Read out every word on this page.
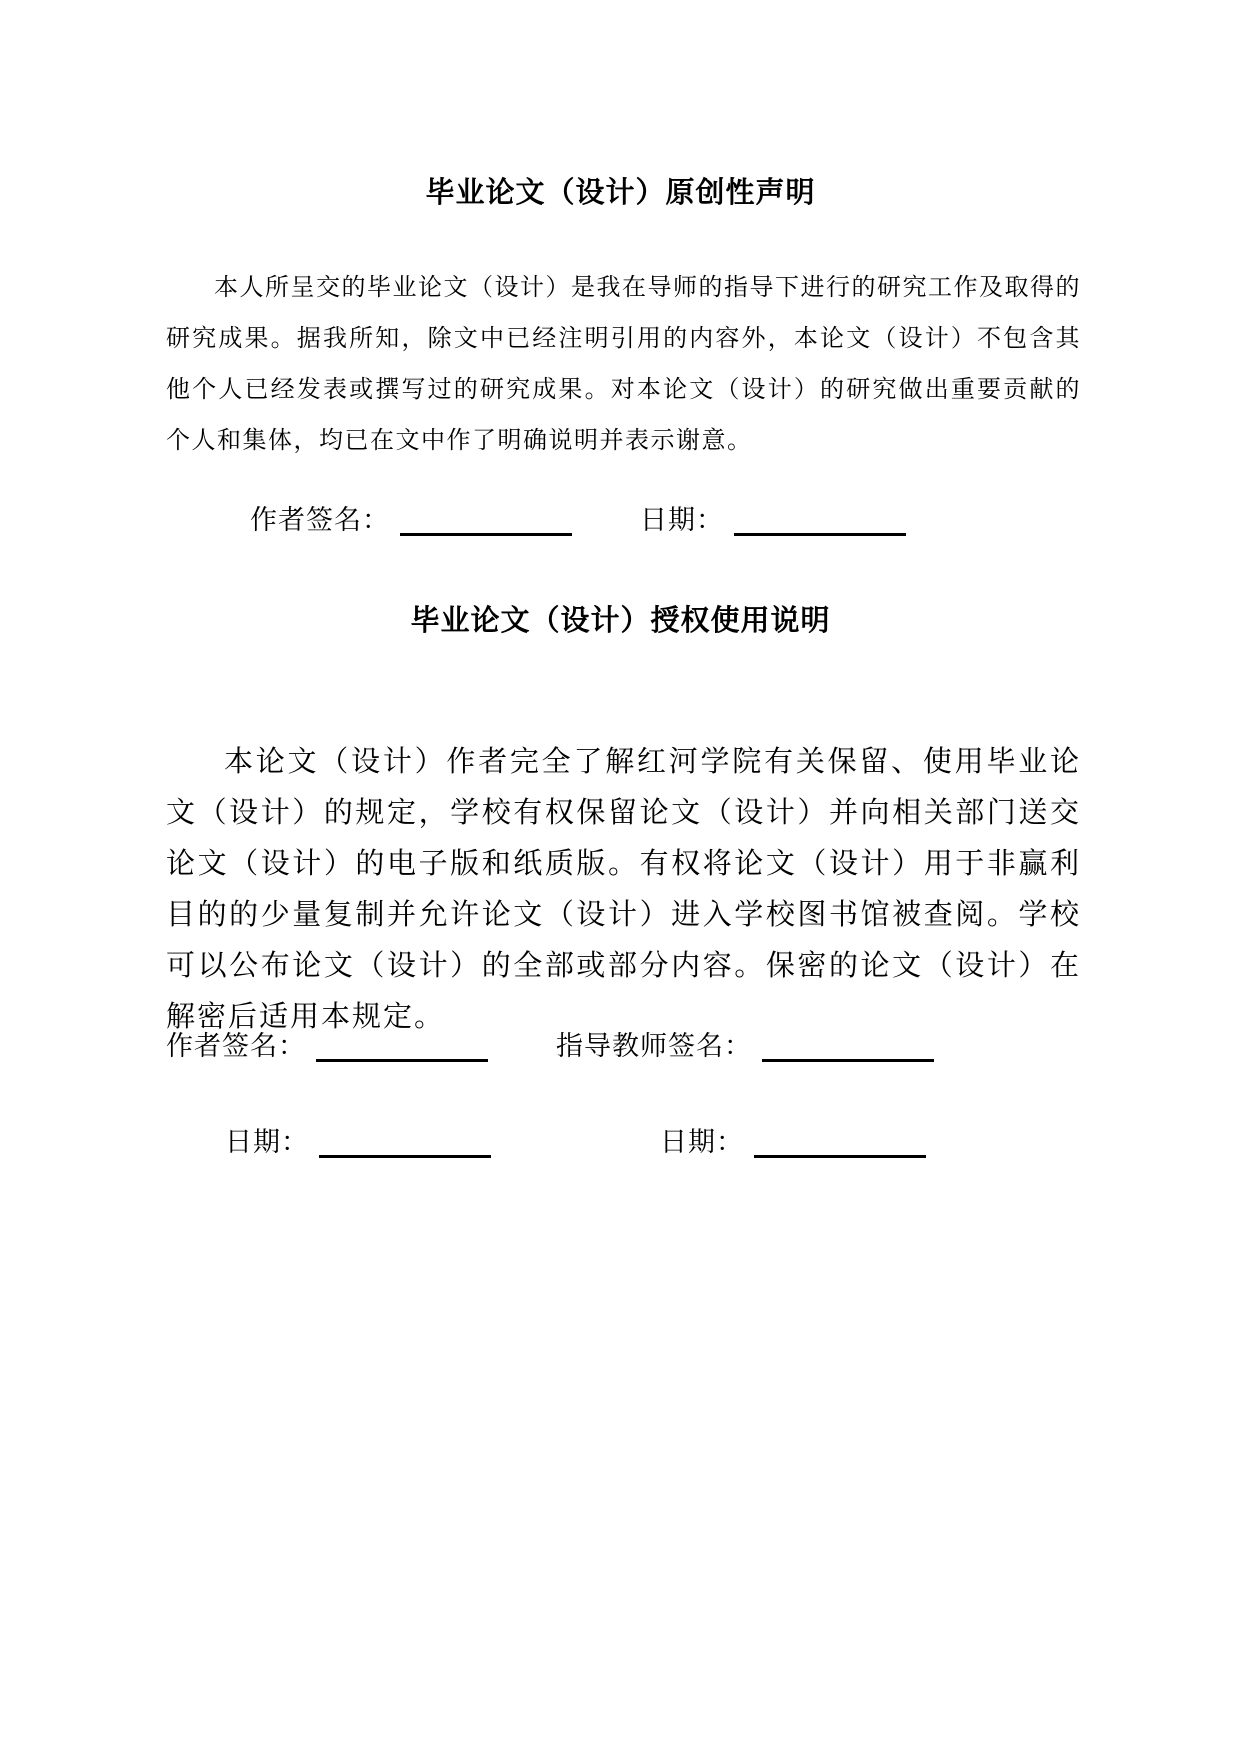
毕业论文（设计）原创性声明

本人所呈交的毕业论文（设计）是我在导师的指导下进行的研究工作及取得的研究成果。据我所知，除文中已经注明引用的内容外，本论文（设计）不包含其他个人已经发表或撰写过的研究成果。对本论文（设计）的研究做出重要贡献的个人和集体，均已在文中作了明确说明并表示谢意。

作者签名：	日期：
毕业论文（设计）授权使用说明

本论文（设计）作者完全了解红河学院有关保留、使用毕业论文（设计）的规定，学校有权保留论文（设计）并向相关部门送交论文（设计）的电子版和纸质版。有权将论文（设计）用于非赢利目的的少量复制并允许论文（设计）进入学校图书馆被查阅。学校可以公布论文（设计）的全部或部分内容。保密的论文（设计）在解密后适用本规定。

作者签名：	指导教师签名：
日期：	日期：
